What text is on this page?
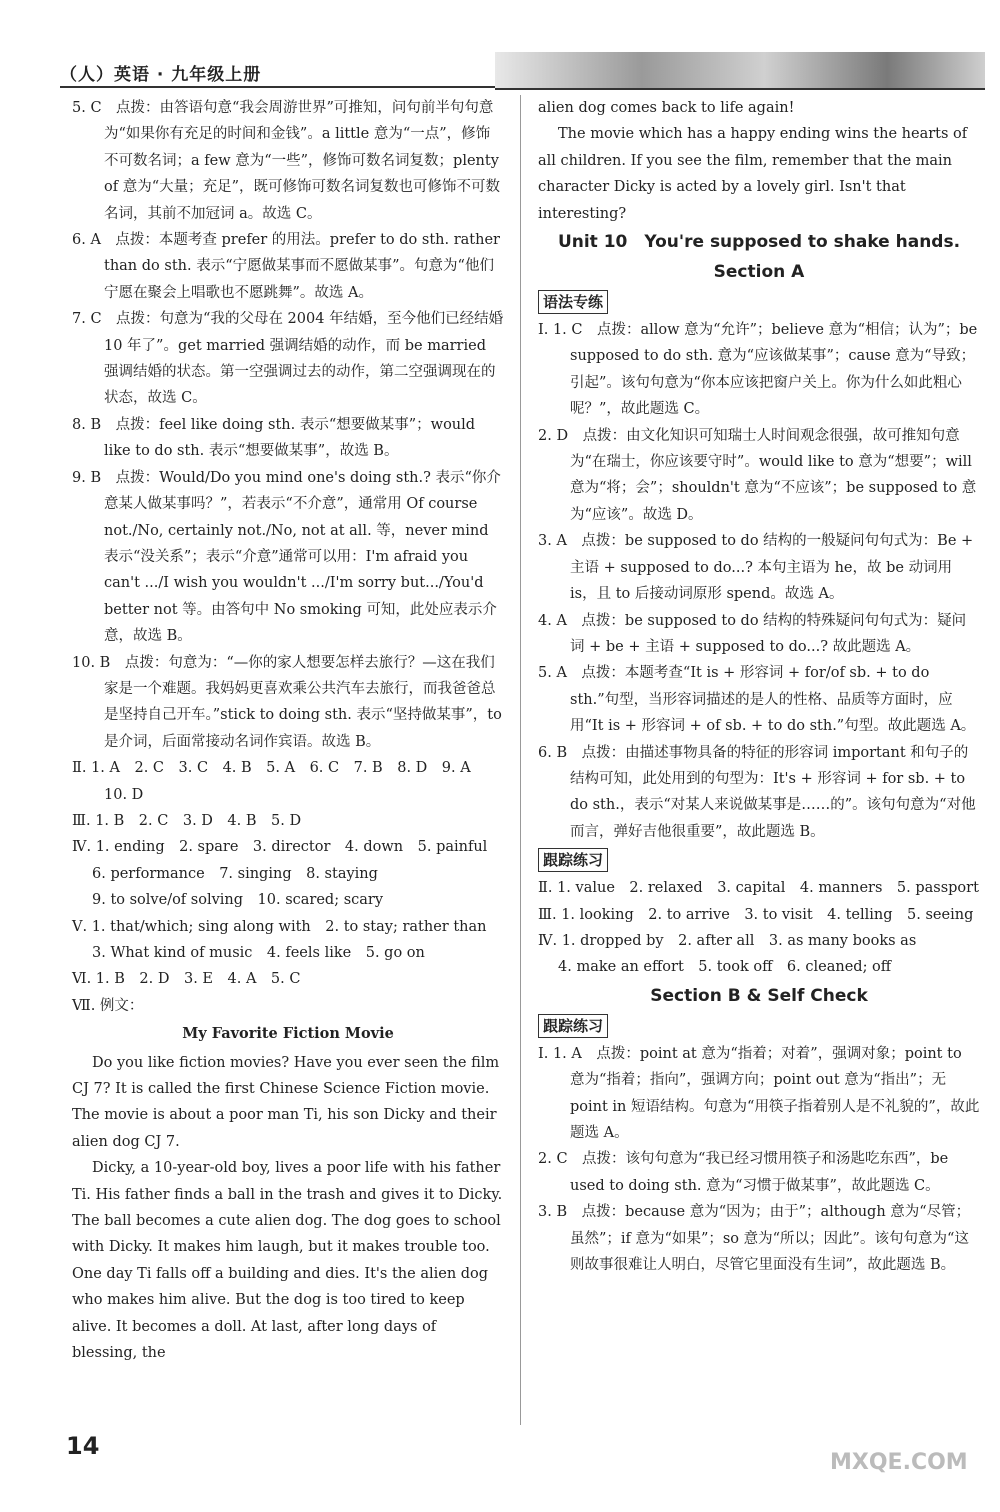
（人）英语 · 九年级上册

5. C　点拨：由答语句意“我会周游世界”可推知，问句前半句句意为“如果你有充足的时间和金钱”。a little 意为“一点”，修饰不可数名词；a few 意为“一些”，修饰可数名词复数；plenty of 意为“大量；充足”，既可修饰可数名词复数也可修饰不可数名词，其前不加冠词 a。故选 C。

6. A　点拨：本题考查 prefer 的用法。prefer to do sth. rather than do sth. 表示“宁愿做某事而不愿做某事”。句意为“他们宁愿在聚会上唱歌也不愿跳舞”。故选 A。

7. C　点拨：句意为“我的父母在 2004 年结婚，至今他们已经结婚 10 年了”。get married 强调结婚的动作，而 be married 强调结婚的状态。第一空强调过去的动作，第二空强调现在的状态，故选 C。

8. B　点拨：feel like doing sth. 表示“想要做某事”；would like to do sth. 表示“想要做某事”，故选 B。

9. B　点拨：Would/Do you mind one's doing sth.? 表示“你介意某人做某事吗？”，若表示“不介意”，通常用 Of course not./No, certainly not./No, not at all. 等，never mind 表示“没关系”；表示“介意”通常可以用：I'm afraid you can't .../I wish you wouldn't .../I'm sorry but.../You'd better not 等。由答句中 No smoking 可知，此处应表示介意，故选 B。

10. B　点拨：句意为：“—你的家人想要怎样去旅行？—这在我们家是一个难题。我妈妈更喜欢乘公共汽车去旅行，而我爸爸总是坚持自己开车。”stick to doing sth. 表示“坚持做某事”，to 是介词，后面常接动名词作宾语。故选 B。

Ⅱ. 1. A　2. C　3. C　4. B　5. A　6. C　7. B　8. D　9. A　10. D

Ⅲ. 1. B　2. C　3. D　4. B　5. D

Ⅳ. 1. ending　2. spare　3. director　4. down　5. painful

6. performance　7. singing　8. staying

9. to solve/of solving　10. scared; scary

Ⅴ. 1. that/which; sing along with　2. to stay; rather than

3. What kind of music　4. feels like　5. go on

Ⅵ. 1. B　2. D　3. E　4. A　5. C

Ⅶ. 例文：

My Favorite Fiction Movie

Do you like fiction movies? Have you ever seen the film CJ 7? It is called the first Chinese Science Fiction movie. The movie is about a poor man Ti, his son Dicky and their alien dog CJ 7.

Dicky, a 10-year-old boy, lives a poor life with his father Ti. His father finds a ball in the trash and gives it to Dicky. The ball becomes a cute alien dog. The dog goes to school with Dicky. It makes him laugh, but it makes trouble too. One day Ti falls off a building and dies. It's the alien dog who makes him alive. But the dog is too tired to keep alive. It becomes a doll. At last, after long days of blessing, the

alien dog comes back to life again!

The movie which has a happy ending wins the hearts of all children. If you see the film, remember that the main character Dicky is acted by a lovely girl. Isn't that interesting?

Unit 10　You're supposed to shake hands.
Section A
语法专练

Ⅰ. 1. C　点拨：allow 意为“允许”；believe 意为“相信；认为”；be supposed to do sth. 意为“应该做某事”；cause 意为“导致；引起”。该句句意为“你本应该把窗户关上。你为什么如此粗心呢？”，故此题选 C。

2. D　点拨：由文化知识可知瑞士人时间观念很强，故可推知句意为“在瑞士，你应该要守时”。would like to 意为“想要”；will 意为“将；会”；shouldn't 意为“不应该”；be supposed to 意为“应该”。故选 D。

3. A　点拨：be supposed to do 结构的一般疑问句句式为：Be + 主语 + supposed to do...? 本句主语为 he，故 be 动词用 is，且 to 后接动词原形 spend。故选 A。

4. A　点拨：be supposed to do 结构的特殊疑问句句式为：疑问词 + be + 主语 + supposed to do...? 故此题选 A。

5. A　点拨：本题考查“It is + 形容词 + for/of sb. + to do sth.”句型，当形容词描述的是人的性格、品质等方面时，应用“It is + 形容词 + of sb. + to do sth.”句型。故此题选 A。

6. B　点拨：由描述事物具备的特征的形容词 important 和句子的结构可知，此处用到的句型为：It's + 形容词 + for sb. + to do sth.，表示“对某人来说做某事是……的”。该句句意为“对他而言，弹好吉他很重要”，故此题选 B。

跟踪练习

Ⅱ. 1. value　2. relaxed　3. capital　4. manners　5. passport

Ⅲ. 1. looking　2. to arrive　3. to visit　4. telling　5. seeing

Ⅳ. 1. dropped by　2. after all　3. as many books as

4. make an effort　5. took off　6. cleaned; off

Section B & Self Check
跟踪练习

Ⅰ. 1. A　点拨：point at 意为“指着；对着”，强调对象；point to 意为“指着；指向”，强调方向；point out 意为“指出”；无 point in 短语结构。句意为“用筷子指着别人是不礼貌的”，故此题选 A。

2. C　点拨：该句句意为“我已经习惯用筷子和汤匙吃东西”，be used to doing sth. 意为“习惯于做某事”，故此题选 C。

3. B　点拨：because 意为“因为；由于”；although 意为“尽管；虽然”；if 意为“如果”；so 意为“所以；因此”。该句句意为“这则故事很难让人明白，尽管它里面没有生词”，故此题选 B。

14
MXQE.COM
